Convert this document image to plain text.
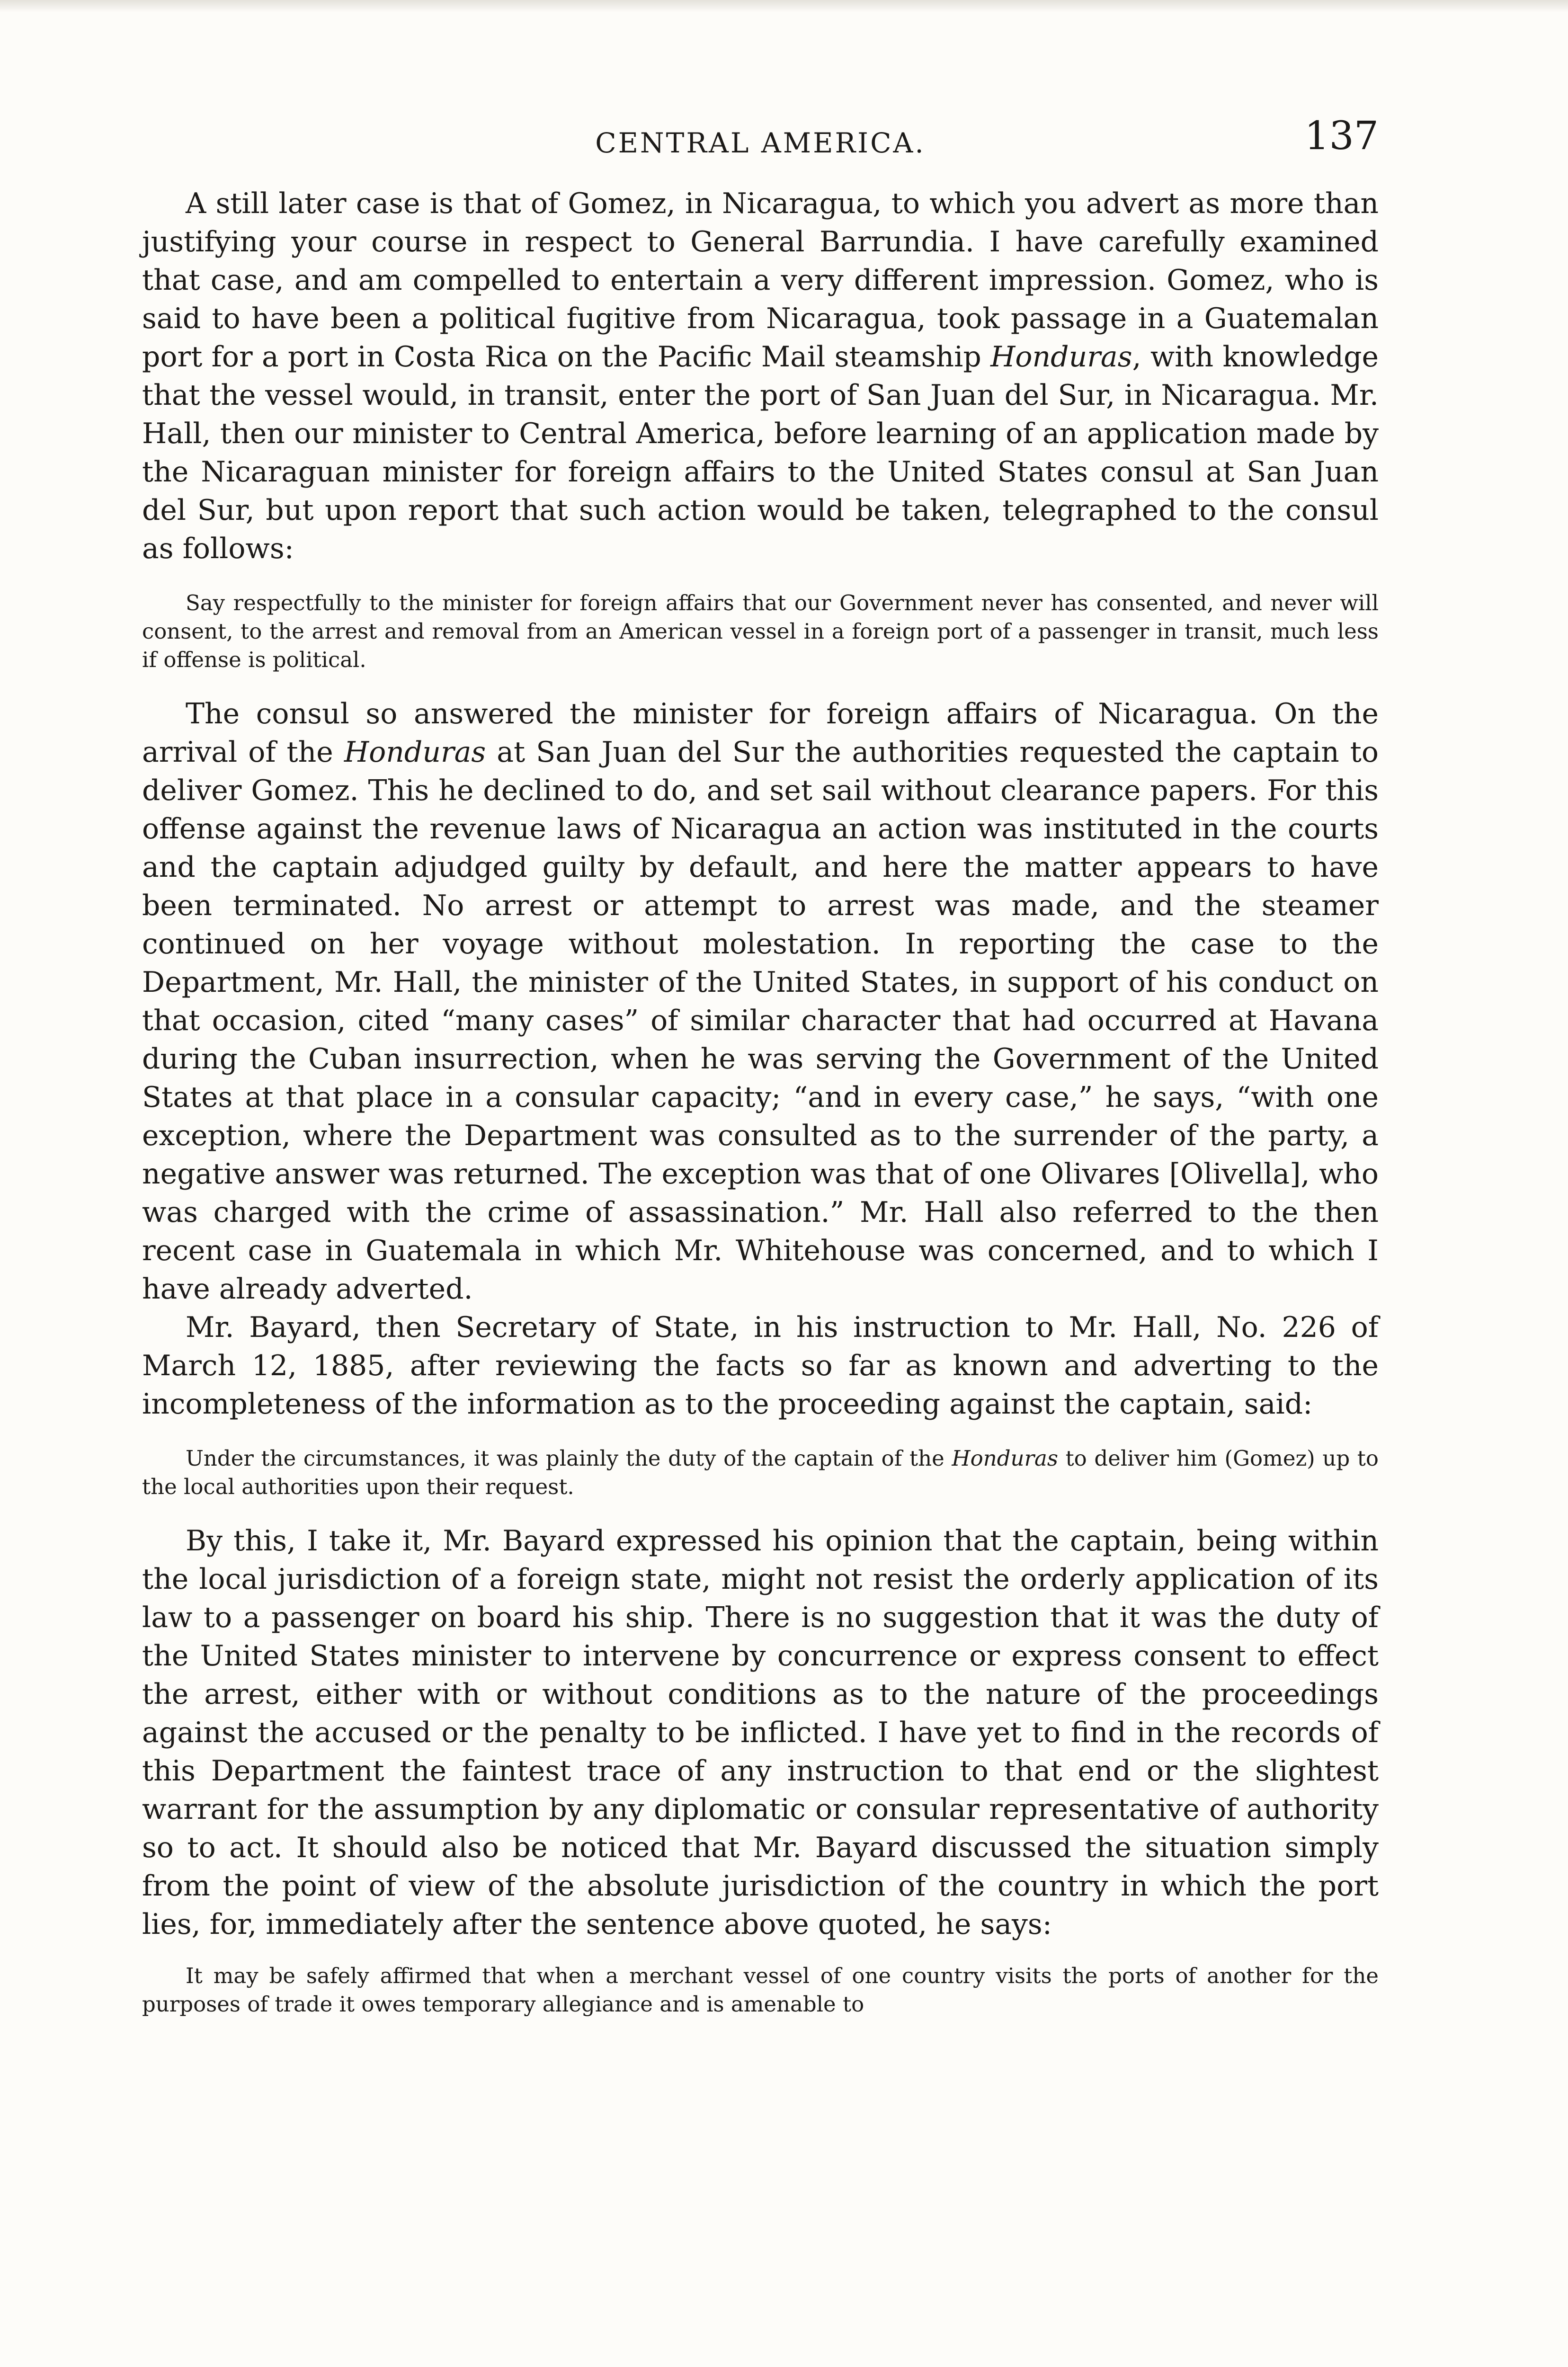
CENTRAL AMERICA.	137

A still later case is that of Gomez, in Nicaragua, to which you advert as more than justifying your course in respect to General Barrundia. I have carefully examined that case, and am compelled to entertain a very different impression. Gomez, who is said to have been a political fugitive from Nicaragua, took passage in a Guatemalan port for a port in Costa Rica on the Pacific Mail steamship Honduras, with knowledge that the vessel would, in transit, enter the port of San Juan del Sur, in Nicaragua. Mr. Hall, then our minister to Central America, before learning of an application made by the Nicaraguan minister for foreign affairs to the United States consul at San Juan del Sur, but upon report that such action would be taken, telegraphed to the consul as follows:

Say respectfully to the minister for foreign affairs that our Government never has consented, and never will consent, to the arrest and removal from an American vessel in a foreign port of a passenger in transit, much less if offense is political.

The consul so answered the minister for foreign affairs of Nicaragua. On the arrival of the Honduras at San Juan del Sur the authorities requested the captain to deliver Gomez. This he declined to do, and set sail without clearance papers. For this offense against the revenue laws of Nicaragua an action was instituted in the courts and the captain adjudged guilty by default, and here the matter appears to have been terminated. No arrest or attempt to arrest was made, and the steamer continued on her voyage without molestation. In reporting the case to the Department, Mr. Hall, the minister of the United States, in support of his conduct on that occasion, cited “many cases” of similar character that had occurred at Havana during the Cuban insurrection, when he was serving the Government of the United States at that place in a consular capacity; “and in every case,” he says, “with one exception, where the Department was consulted as to the surrender of the party, a negative answer was returned. The exception was that of one Olivares [Olivella], who was charged with the crime of assassination.” Mr. Hall also referred to the then recent case in Guatemala in which Mr. Whitehouse was concerned, and to which I have already adverted.

Mr. Bayard, then Secretary of State, in his instruction to Mr. Hall, No. 226 of March 12, 1885, after reviewing the facts so far as known and adverting to the incompleteness of the information as to the proceeding against the captain, said:

Under the circumstances, it was plainly the duty of the captain of the Honduras to deliver him (Gomez) up to the local authorities upon their request.

By this, I take it, Mr. Bayard expressed his opinion that the captain, being within the local jurisdiction of a foreign state, might not resist the orderly application of its law to a passenger on board his ship. There is no suggestion that it was the duty of the United States minister to intervene by concurrence or express consent to effect the arrest, either with or without conditions as to the nature of the proceedings against the accused or the penalty to be inflicted. I have yet to find in the records of this Department the faintest trace of any instruction to that end or the slightest warrant for the assumption by any diplomatic or consular representative of authority so to act. It should also be noticed that Mr. Bayard discussed the situation simply from the point of view of the absolute jurisdiction of the country in which the port lies, for, immediately after the sentence above quoted, he says:

It may be safely affirmed that when a merchant vessel of one country visits the ports of another for the purposes of trade it owes temporary allegiance and is amenable to
